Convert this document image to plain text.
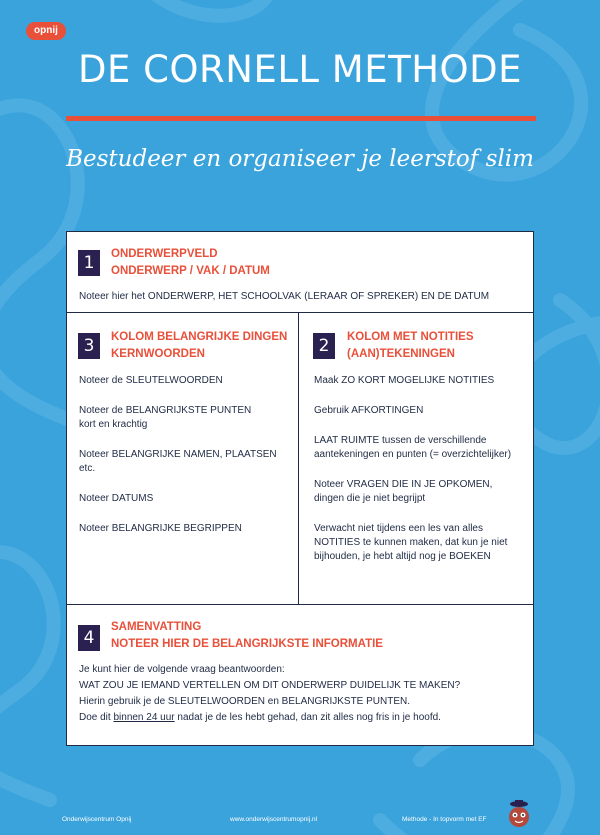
opnij
DE CORNELL METHODE
Bestudeer en organiseer je leerstof slim
1	ONDERWERPVELD
ONDERWERP / VAK / DATUM
Noteer hier het ONDERWERP, HET SCHOOLVAK (LERAAR OF SPREKER) EN DE DATUM
3	KOLOM BELANGRIJKE DINGEN
KERNWOORDEN

Noteer de SLEUTELWOORDEN

Noteer de BELANGRIJKSTE PUNTEN kort en krachtig

Noteer BELANGRIJKE NAMEN, PLAATSEN etc.

Noteer DATUMS

Noteer BELANGRIJKE BEGRIPPEN

2	KOLOM MET NOTITIES
(AAN)TEKENINGEN

Maak ZO KORT MOGELIJKE NOTITIES

Gebruik AFKORTINGEN

LAAT RUIMTE tussen de verschillende aantekeningen en punten (= overzichtelijker)

Noteer VRAGEN DIE IN JE OPKOMEN, dingen die je niet begrijpt

Verwacht niet tijdens een les van alles NOTITIES te kunnen maken, dat kun je niet bijhouden, je hebt altijd nog je BOEKEN

4
SAMENVATTING
NOTEER HIER DE BELANGRIJKSTE INFORMATIE
Je kunt hier de volgende vraag beantwoorden:
WAT ZOU JE IEMAND VERTELLEN OM DIT ONDERWERP DUIDELIJK TE MAKEN?
Hierin gebruik je de SLEUTELWOORDEN en BELANGRIJKSTE PUNTEN.
Doe dit binnen 24 uur nadat je de les hebt gehad, dan zit alles nog fris in je hoofd.
Onderwijscentrum Opnij	www.onderwijscentrumopnij.nl	Methode - In topvorm met EF
